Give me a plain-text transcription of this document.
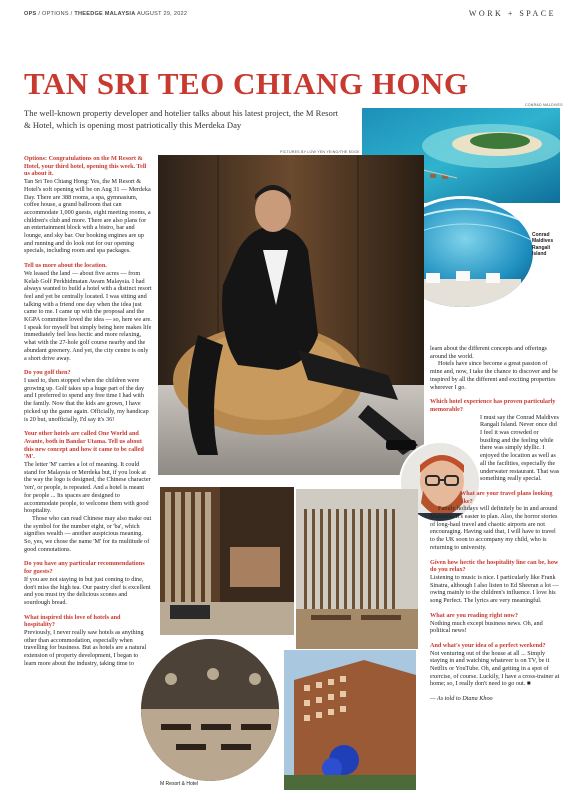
OPS / OPTIONS / THEEDGE MALAYSIA AUGUST 29, 2022	WORK + SPACE
TAN SRI TEO CHIANG HONG

The well-known property developer and hotelier talks about his latest project, the M Resort & Hotel, which is opening most patriotically this Merdeka Day

CONRAD MALDIVES
Conrad Maldives Rangali Island
PICTURES BY LOW YEN YEING/THE EDGE
M Resort & Hotel

Options: Congratulations on the M Resort & Hotel, your third hotel, opening this week. Tell us about it.

Tan Sri Teo Chiang Hong: Yes, the M Resort & Hotel's soft opening will be on Aug 31 — Merdeka Day. There are 388 rooms, a spa, gymnasium, coffee house, a grand ballroom that can accommodate 1,000 guests, eight meeting rooms, a children's club and more. There are also plans for an entertainment block with a bistro, bar and lounge, and sky bar. Our booking engines are up and running and do look out for our opening specials, including room and spa packages.

Tell us more about the location.

We leased the land — about five acres — from Kelab Golf Perkhidmatan Awam Malaysia. I had always wanted to build a hotel with a distinct resort feel and yet be centrally located. I was sitting and talking with a friend one day when the idea just came to me. I came up with the proposal and the KGPA committee loved the idea — so, here we are. I speak for myself but simply being here makes life immediately feel less hectic and more relaxing, what with the 27-hole golf course nearby and the abundant greenery. And yet, the city centre is only a short drive away.

Do you golf then?

I used to, then stopped when the children were growing up. Golf takes up a huge part of the day and I preferred to spend any free time I had with the family. Now that the kids are grown, I have picked up the game again. Officially, my handicap is 20 but, unofficially, I'd say it's 36!

Your other hotels are called One World and Avante, both in Bandar Utama. Tell us about this new concept and how it came to be called 'M'.

The letter 'M' carries a lot of meaning. It could stand for Malaysia or Merdeka but, if you look at the way the logo is designed, the Chinese character 'ren', or people, is repeated. And a hotel is meant for people ... Its spaces are designed to accommodate people, to welcome them with good hospitality.

Those who can read Chinese may also make out the symbol for the number eight, or 'ba', which signifies wealth — another auspicious meaning. So, yes, we chose the name 'M' for its multitude of good connotations.

Do you have any particular recommendations for guests?

If you are not staying in but just coming to dine, don't miss the high tea. Our pastry chef is excellent and you must try the delicious scones and sourdough bread.

What inspired this love of hotels and hospitality?

Previously, I never really saw hotels as anything other than accommodation, especially when travelling for business. But as hotels are a natural extension of property development, I began to learn more about the industry, taking time to

learn about the different concepts and offerings around the world.

Hotels have since become a great passion of mine and, now, I take the chance to discover and be inspired by all the different and exciting properties wherever I go.

Which hotel experience has proven particularly memorable?

I must say the Conrad Maldives Rangali Island. Never once did I feel it was crowded or bustling and the feeling while there was simply idyllic. I enjoyed the location as well as all the facilities, especially the underwater restaurant. That was something really special.

What are your travel plans looking like?

Family holidays will definitely be in and around Malaysia. It's easier to plan. Also, the horror stories of long-haul travel and chaotic airports are not encouraging. Having said that, I will have to travel to the UK soon to accompany my child, who is returning to university.

Given how hectic the hospitality line can be, how do you relax?

Listening to music is nice. I particularly like Frank Sinatra, although I also listen to Ed Sheeran a lot — owing mainly to the children's influence. I love his song Perfect. The lyrics are very meaningful.

What are you reading right now?

Nothing much except business news. Oh, and political news!

And what's your idea of a perfect weekend?

Not venturing out of the house at all ... Simply staying in and watching whatever is on TV, be it Netflix or YouTube. Oh, and getting in a spot of exercise, of course. Luckily, I have a cross-trainer at home; so, I really don't need to go out. ■

— As told to Diana Khoo
